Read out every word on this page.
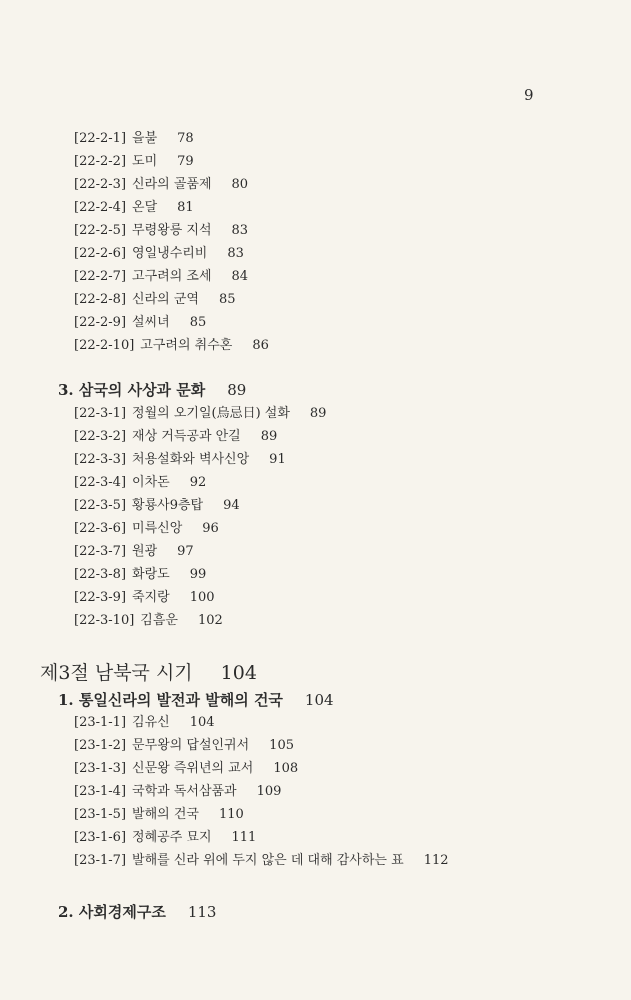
9
[22-2-1] 을불 78
[22-2-2] 도미 79
[22-2-3] 신라의 골품제 80
[22-2-4] 온달 81
[22-2-5] 무령왕릉 지석 83
[22-2-6] 영일냉수리비 83
[22-2-7] 고구려의 조세 84
[22-2-8] 신라의 군역 85
[22-2-9] 설씨녀 85
[22-2-10] 고구려의 취수혼 86
3. 삼국의 사상과 문화 89
[22-3-1] 정월의 오기일(烏忌日) 설화 89
[22-3-2] 재상 거득공과 안길 89
[22-3-3] 처용설화와 벽사신앙 91
[22-3-4] 이차돈 92
[22-3-5] 황룡사9층탑 94
[22-3-6] 미륵신앙 96
[22-3-7] 원광 97
[22-3-8] 화랑도 99
[22-3-9] 죽지랑 100
[22-3-10] 김흠운 102
제3절 남북국 시기 104
1. 통일신라의 발전과 발해의 건국 104
[23-1-1] 김유신 104
[23-1-2] 문무왕의 답설인귀서 105
[23-1-3] 신문왕 즉위년의 교서 108
[23-1-4] 국학과 독서삼품과 109
[23-1-5] 발해의 건국 110
[23-1-6] 정혜공주 묘지 111
[23-1-7] 발해를 신라 위에 두지 않은 데 대해 감사하는 표 112
2. 사회경제구조 113
